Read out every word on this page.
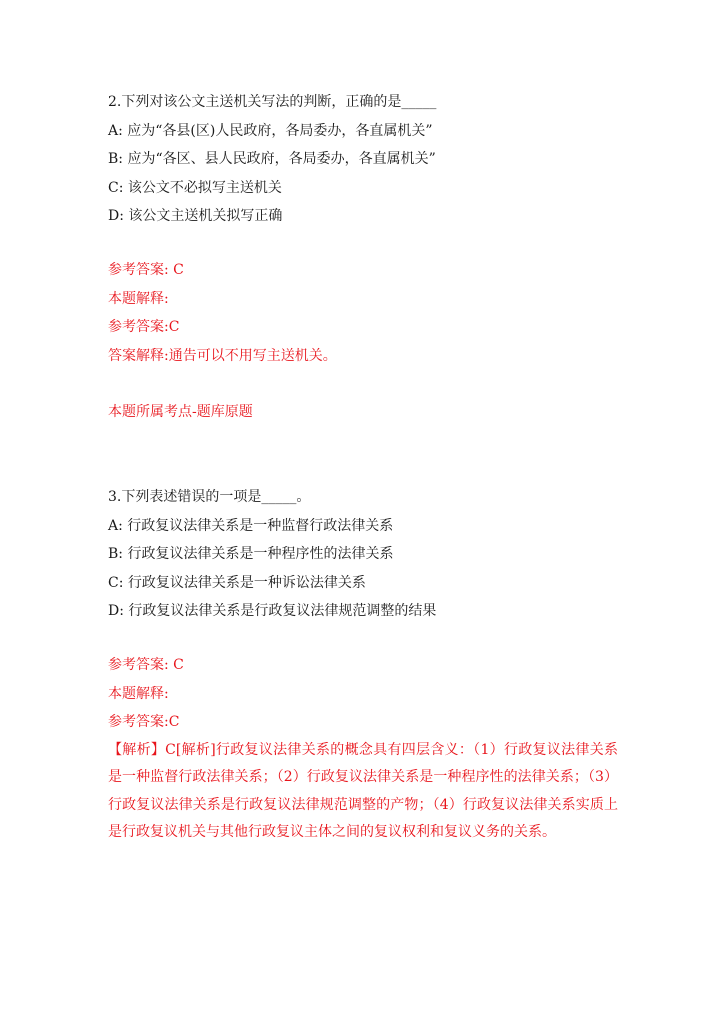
2.下列对该公文主送机关写法的判断，正确的是_____
A: 应为“各县(区)人民政府，各局委办，各直属机关”
B: 应为“各区、县人民政府，各局委办，各直属机关”
C: 该公文不必拟写主送机关
D: 该公文主送机关拟写正确
参考答案: C
本题解释:
参考答案:C
答案解释:通告可以不用写主送机关。
本题所属考点-题库原题
3.下列表述错误的一项是_____。
A: 行政复议法律关系是一种监督行政法律关系
B: 行政复议法律关系是一种程序性的法律关系
C: 行政复议法律关系是一种诉讼法律关系
D: 行政复议法律关系是行政复议法律规范调整的结果
参考答案: C
本题解释:
参考答案:C
【解析】C[解析]行政复议法律关系的概念具有四层含义：（1）行政复议法律关系是一种监督行政法律关系；（2）行政复议法律关系是一种程序性的法律关系；（3）行政复议法律关系是行政复议法律规范调整的产物；（4）行政复议法律关系实质上是行政复议机关与其他行政复议主体之间的复议权利和复议义务的关系。
